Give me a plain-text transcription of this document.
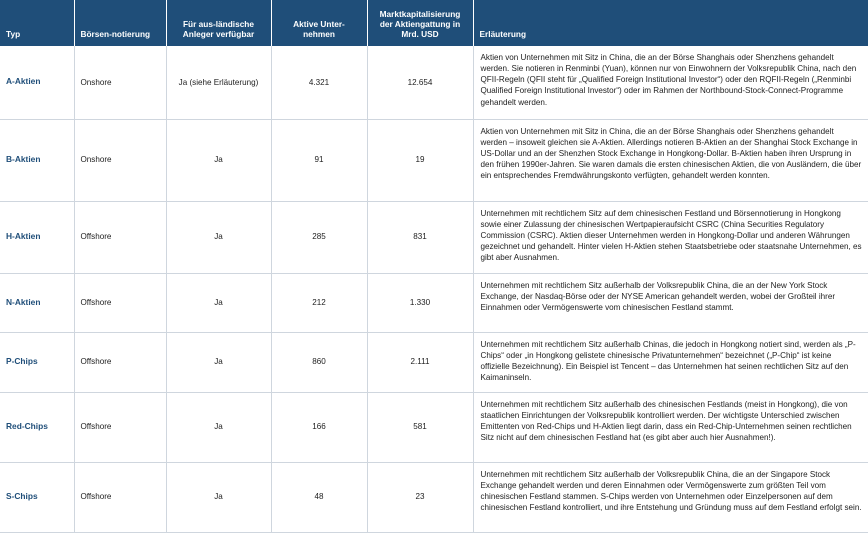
Typ	Börsen-notierung	Für aus-ländische Anleger verfügbar	Aktive Unter-nehmen	Marktkapitalisierung der Aktiengattung in Mrd. USD	Erläuterung
A-Aktien	Onshore	Ja (siehe Erläuterung)	4.321	12.654	Aktien von Unternehmen mit Sitz in China, die an der Börse Shanghais oder Shenzhens gehandelt werden. Sie notieren in Renminbi (Yuan), können nur von Einwohnern der Volksrepublik China, nach den QFII-Regeln (QFII steht für „Qualified Foreign Institutional Investor“) oder den RQFII-Regeln („Renminbi Qualified Foreign Institutional Investor“) oder im Rahmen der Northbound-Stock-Connect-Programme gehandelt werden.
B-Aktien	Onshore	Ja	91	19	Aktien von Unternehmen mit Sitz in China, die an der Börse Shanghais oder Shenzhens gehandelt werden – insoweit gleichen sie A-Aktien. Allerdings notieren B-Aktien an der Shanghai Stock Exchange in US-Dollar und an der Shenzhen Stock Exchange in Hongkong-Dollar. B-Aktien haben ihren Ursprung in den frühen 1990er-Jahren. Sie waren damals die ersten chinesischen Aktien, die von Ausländern, die über ein entsprechendes Fremdwährungskonto verfügten, gehandelt werden konnten.
H-Aktien	Offshore	Ja	285	831	Unternehmen mit rechtlichem Sitz auf dem chinesischen Festland und Börsennotierung in Hongkong sowie einer Zulassung der chinesischen Wertpapieraufsicht CSRC (China Securities Regulatory Commission (CSRC). Aktien dieser Unternehmen werden in Hongkong-Dollar und anderen Währungen gezeichnet und gehandelt. Hinter vielen H-Aktien stehen Staatsbetriebe oder staatsnahe Unternehmen, es gibt aber Ausnahmen.
N-Aktien	Offshore	Ja	212	1.330	Unternehmen mit rechtlichem Sitz außerhalb der Volksrepublik China, die an der New York Stock Exchange, der Nasdaq-Börse oder der NYSE American gehandelt werden, wobei der Großteil ihrer Einnahmen oder Vermögenswerte vom chinesischen Festland stammt.
P-Chips	Offshore	Ja	860	2.111	Unternehmen mit rechtlichem Sitz außerhalb Chinas, die jedoch in Hongkong notiert sind, werden als „P-Chips“ oder „in Hongkong gelistete chinesische Privatunternehmen“ bezeichnet („P-Chip“ ist keine offizielle Bezeichnung). Ein Beispiel ist Tencent – das Unternehmen hat seinen rechtlichen Sitz auf den Kaimaninseln.
Red-Chips	Offshore	Ja	166	581	Unternehmen mit rechtlichem Sitz außerhalb des chinesischen Festlands (meist in Hongkong), die von staatlichen Einrichtungen der Volksrepublik kontrolliert werden. Der wichtigste Unterschied zwischen Emittenten von Red-Chips und H-Aktien liegt darin, dass ein Red-Chip-Unternehmen seinen rechtlichen Sitz nicht auf dem chinesischen Festland hat (es gibt aber auch hier Ausnahmen!).
S-Chips	Offshore	Ja	48	23	Unternehmen mit rechtlichem Sitz außerhalb der Volksrepublik China, die an der Singapore Stock Exchange gehandelt werden und deren Einnahmen oder Vermögenswerte zum größten Teil vom chinesischen Festland stammen. S-Chips werden von Unternehmen oder Einzelpersonen auf dem chinesischen Festland kontrolliert, und ihre Entstehung und Gründung muss auf dem Festland erfolgt sein.
